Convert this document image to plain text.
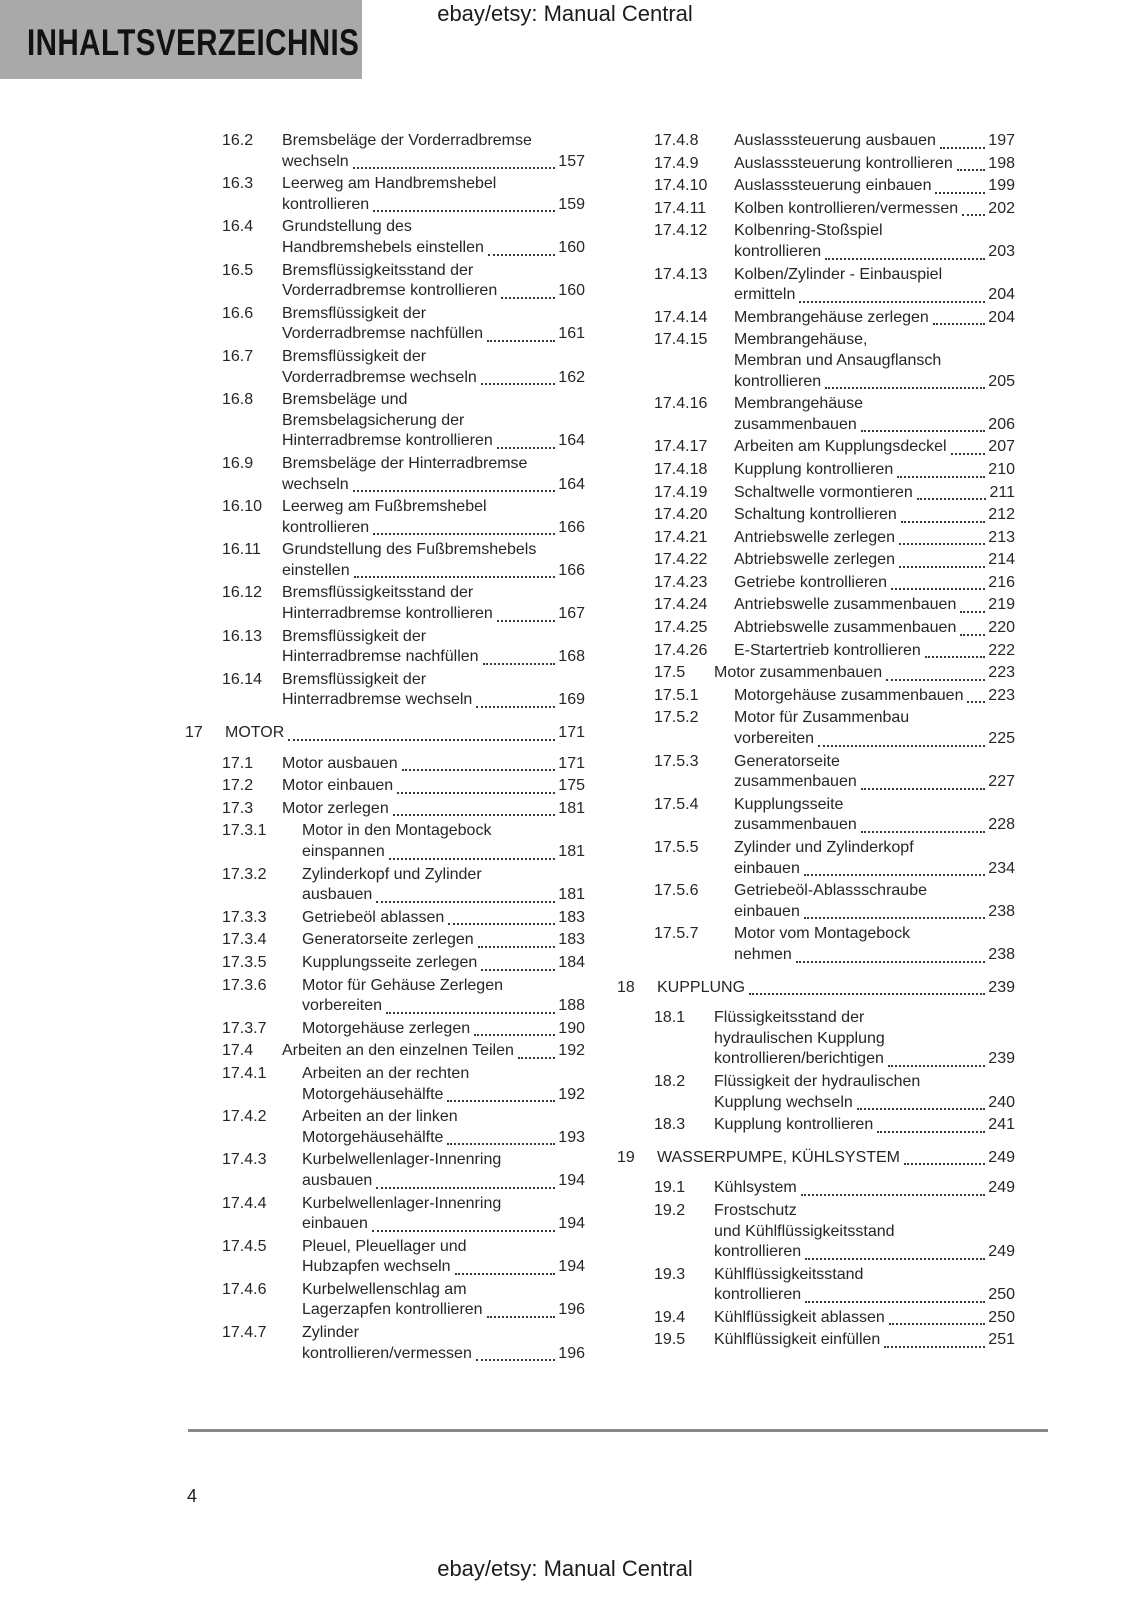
ebay/etsy: Manual Central
INHALTSVERZEICHNIS
16.2	Bremsbeläge der Vorderradbremse
wechseln	157
16.3	Leerweg am Handbremshebel
kontrollieren	159
16.4	Grundstellung des
Handbremshebels einstellen	160
16.5	Bremsflüssigkeitsstand der
Vorderradbremse kontrollieren	160
16.6	Bremsflüssigkeit der
Vorderradbremse nachfüllen	161
16.7	Bremsflüssigkeit der
Vorderradbremse wechseln	162
16.8	Bremsbeläge und
Bremsbelagsicherung der
Hinterradbremse kontrollieren	164
16.9	Bremsbeläge der Hinterradbremse
wechseln	164
16.10	Leerweg am Fußbremshebel
kontrollieren	166
16.11	Grundstellung des Fußbremshebels
einstellen	166
16.12	Bremsflüssigkeitsstand der
Hinterradbremse kontrollieren	167
16.13	Bremsflüssigkeit der
Hinterradbremse nachfüllen	168
16.14	Bremsflüssigkeit der
Hinterradbremse wechseln	169
17	MOTOR	171
17.1	Motor ausbauen	171
17.2	Motor einbauen	175
17.3	Motor zerlegen	181
17.3.1	Motor in den Montagebock
einspannen	181
17.3.2	Zylinderkopf und Zylinder
ausbauen	181
17.3.3	Getriebeöl ablassen	183
17.3.4	Generatorseite zerlegen	183
17.3.5	Kupplungsseite zerlegen	184
17.3.6	Motor für Gehäuse Zerlegen
vorbereiten	188
17.3.7	Motorgehäuse zerlegen	190
17.4	Arbeiten an den einzelnen Teilen	192
17.4.1	Arbeiten an der rechten
Motorgehäusehälfte	192
17.4.2	Arbeiten an der linken
Motorgehäusehälfte	193
17.4.3	Kurbelwellenlager-Innenring
ausbauen	194
17.4.4	Kurbelwellenlager-Innenring
einbauen	194
17.4.5	Pleuel, Pleuellager und
Hubzapfen wechseln	194
17.4.6	Kurbelwellenschlag am
Lagerzapfen kontrollieren	196
17.4.7	Zylinder
kontrollieren/vermessen	196
17.4.8	Auslasssteuerung ausbauen	197
17.4.9	Auslasssteuerung kontrollieren 198
17.4.10	Auslasssteuerung einbauen	199
17.4.11	Kolben kontrollieren/vermessen 202
17.4.12	Kolbenring-Stoßspiel
kontrollieren	203
17.4.13	Kolben/Zylinder - Einbauspiel
ermitteln	204
17.4.14	Membrangehäuse zerlegen	204
17.4.15	Membrangehäuse,
Membran und Ansaugflansch
kontrollieren	205
17.4.16	Membrangehäuse
zusammenbauen	206
17.4.17	Arbeiten am Kupplungsdeckel	207
17.4.18	Kupplung kontrollieren	210
17.4.19	Schaltwelle vormontieren	211
17.4.20	Schaltung kontrollieren	212
17.4.21	Antriebswelle zerlegen	213
17.4.22	Abtriebswelle zerlegen	214
17.4.23	Getriebe kontrollieren	216
17.4.24	Antriebswelle zusammenbauen 219
17.4.25	Abtriebswelle zusammenbauen 220
17.4.26	E-Startertrieb kontrollieren	222
17.5	Motor zusammenbauen	223
17.5.1	Motorgehäuse zusammenbauen 223
17.5.2	Motor für Zusammenbau
vorbereiten	225
17.5.3	Generatorseite
zusammenbauen	227
17.5.4	Kupplungsseite
zusammenbauen	228
17.5.5	Zylinder und Zylinderkopf
einbauen	234
17.5.6	Getriebeöl-Ablassschraube
einbauen	238
17.5.7	Motor vom Montagebock
nehmen	238
18	KUPPLUNG	239
18.1	Flüssigkeitsstand der
hydraulischen Kupplung
kontrollieren/berichtigen	239
18.2	Flüssigkeit der hydraulischen
Kupplung wechseln	240
18.3	Kupplung kontrollieren	241
19	WASSERPUMPE, KÜHLSYSTEM	249
19.1	Kühlsystem	249
19.2	Frostschutz
und Kühlflüssigkeitsstand
kontrollieren	249
19.3	Kühlflüssigkeitsstand
kontrollieren	250
19.4	Kühlflüssigkeit ablassen	250
19.5	Kühlflüssigkeit einfüllen	251
4
ebay/etsy: Manual Central
